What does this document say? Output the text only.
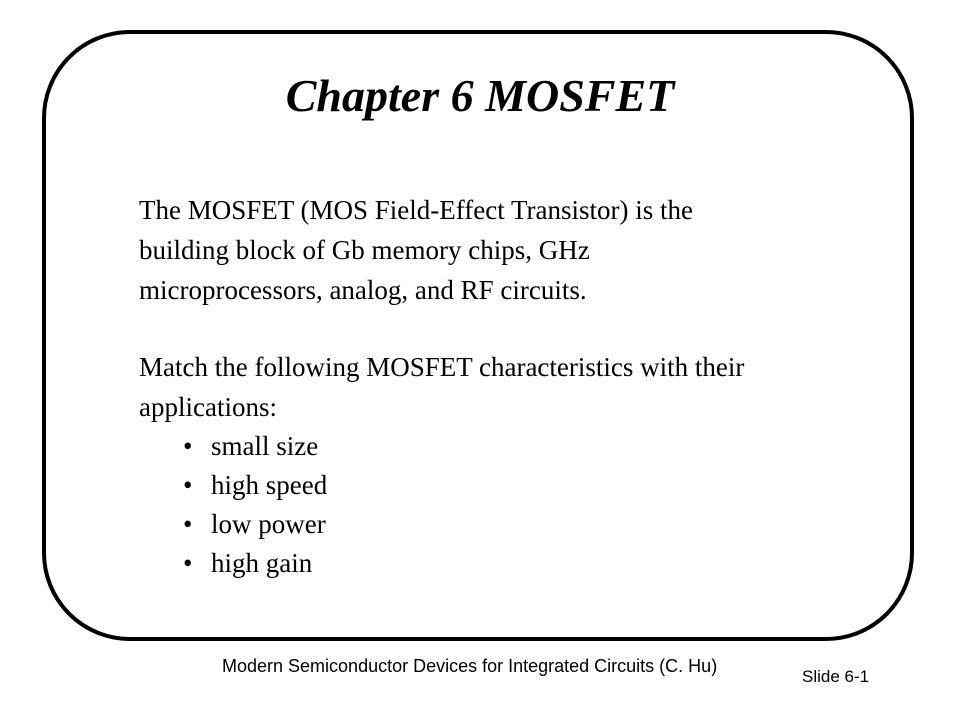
Chapter 6 MOSFET

The MOSFET (MOS Field-Effect Transistor) is the

building block of Gb memory chips, GHz

microprocessors, analog, and RF circuits.

Match the following MOSFET characteristics with their

applications:

• small size
• high speed
• low power
• high gain
Modern Semiconductor Devices for Integrated Circuits (C. Hu)
Slide 6-1
